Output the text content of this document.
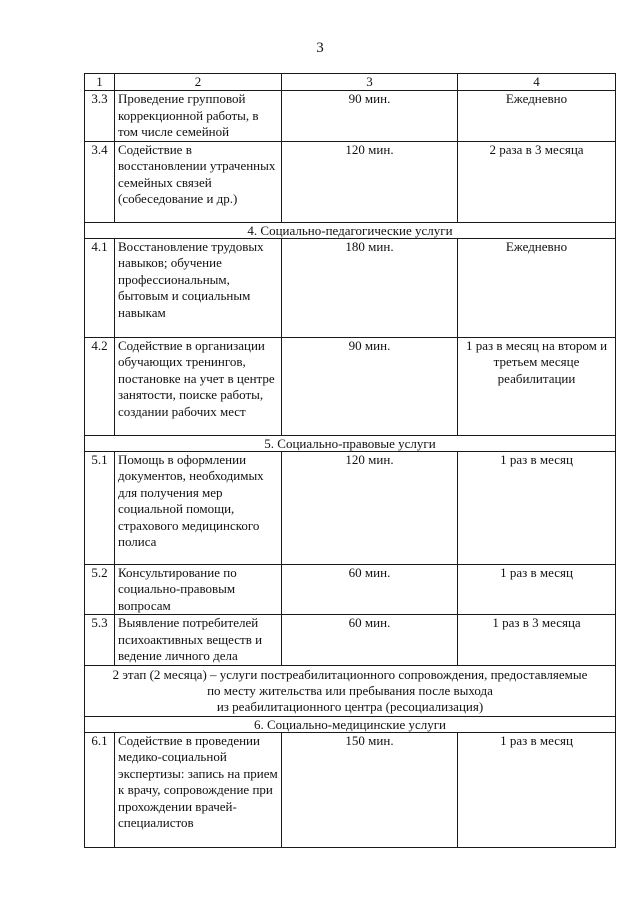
3
1	2	3	4
3.3	Проведение групповой коррекционной работы, в том числе семейной	90 мин.	Ежедневно
3.4	Содействие в восстановлении утраченных семейных связей (собеседование и др.)	120 мин.	2 раза в 3 месяца
4. Социально-педагогические услуги			
4.1	Восстановление трудовых навыков; обучение профессиональным, бытовым и социальным навыкам	180 мин.	Ежедневно
4.2	Содействие в организации обучающих тренингов, постановке на учет в центре занятости, поиске работы, создании рабочих мест	90 мин.	1 раз в месяц на втором и третьем месяце реабилитации
5. Социально-правовые услуги			
5.1	Помощь в оформлении документов, необходимых для получения мер социальной помощи, страхового медицинского полиса	120 мин.	1 раз в месяц
5.2	Консультирование по социально-правовым вопросам	60 мин.	1 раз в месяц
5.3	Выявление потребителей психоактивных веществ и ведение личного дела	60 мин.	1 раз в 3 месяца

2 этап (2 месяца) – услуги постреабилитационного сопровождения, предоставляемые
по месту жительства или пребывания после выхода
из реабилитационного центра (ресоциализация)			

6. Социально-медицинские услуги			
6.1	Содействие в проведении медико-социальной экспертизы: запись на прием к врачу, сопровождение при прохождении врачей-специалистов	150 мин.	1 раз в месяц
